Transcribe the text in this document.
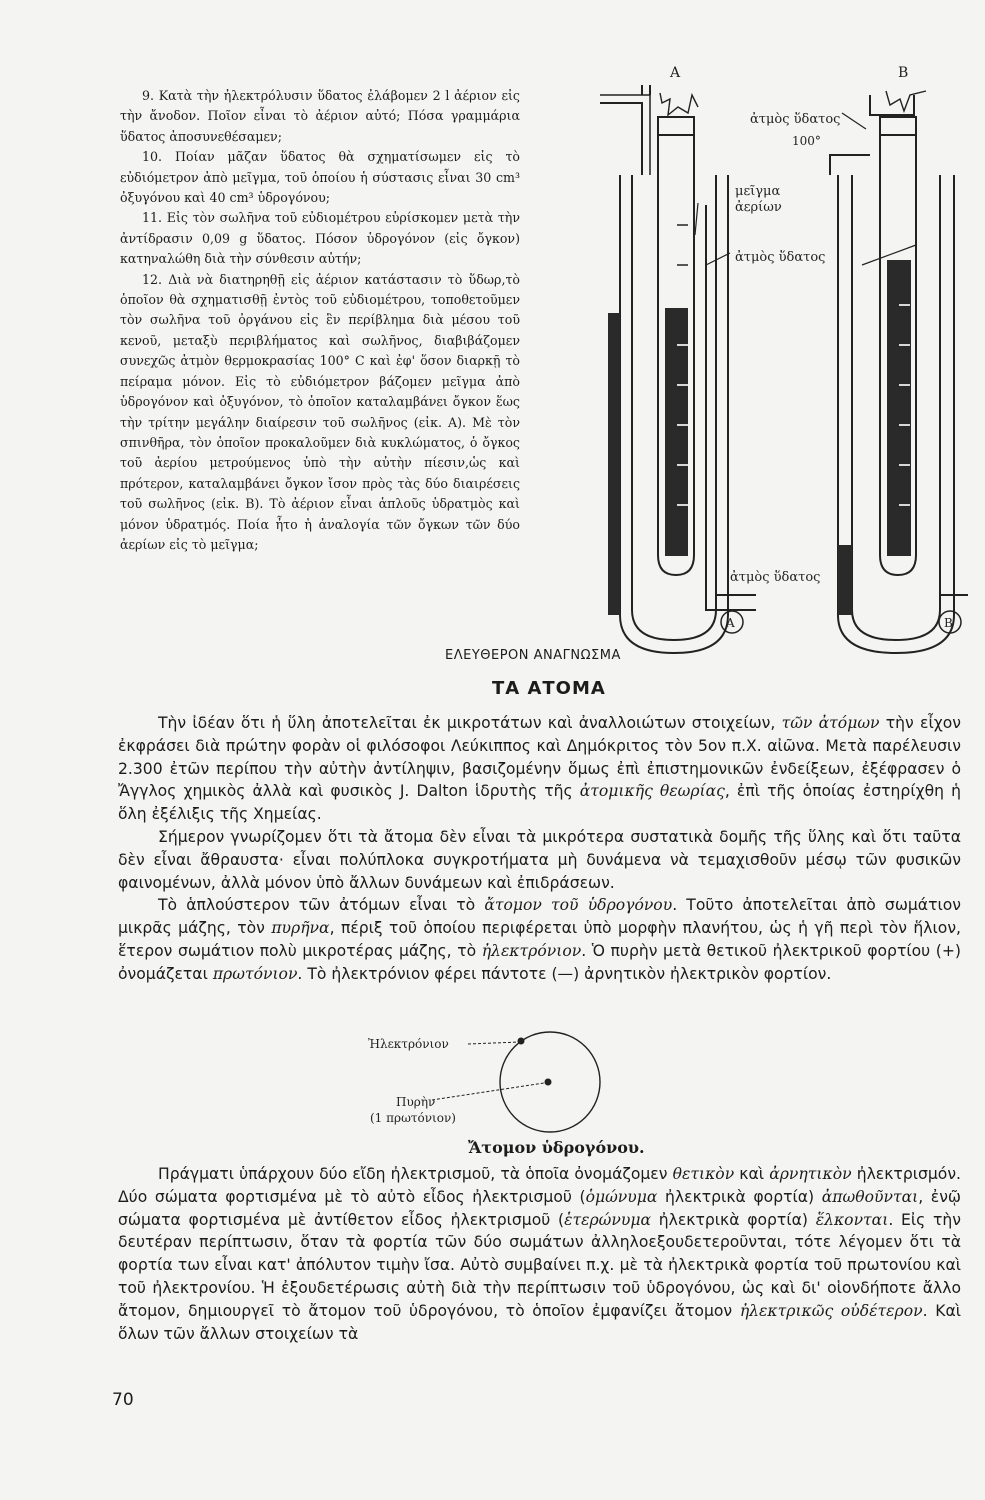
9. Κατὰ τὴν ἠλεκτρόλυσιν ὕδατος ἐλάβομεν 2 l ἀέριον εἰς τὴν ἄνοδον. Ποῖον εἶναι τὸ ἀέριον αὐτό; Πόσα γραμμάρια ὕδατος ἀποσυνεθέσαμεν;

10. Ποίαν μᾶζαν ὕδατος θὰ σχηματίσωμεν εἰς τὸ εὐδιόμετρον ἀπὸ μεῖγμα, τοῦ ὁποίου ἡ σύστασις εἶναι 30 cm³ ὀξυγόνου καὶ 40 cm³ ὑδρογόνου;

11. Εἰς τὸν σωλῆνα τοῦ εὐδιομέτρου εὑρίσκομεν μετὰ τὴν ἀντίδρασιν 0,09 g ὕδατος. Πόσον ὑδρογόνον (εἰς ὄγκον) κατηναλώθη διὰ τὴν σύνθεσιν αὐτήν;

12. Διὰ νὰ διατηρηθῇ εἰς ἀέριον κατάστασιν τὸ ὕδωρ,τὸ ὁποῖον θὰ σχηματισθῇ ἐντὸς τοῦ εὐδιομέτρου, τοποθετοῦμεν τὸν σωλῆνα τοῦ ὀργάνου εἰς ἓν περίβλημα διὰ μέσου τοῦ κενοῦ, μεταξὺ περιβλήματος καὶ σωλῆνος, διαβιβάζομεν συνεχῶς ἀτμὸν θερμοκρασίας 100° C καὶ ἐφ' ὅσον διαρκῇ τὸ πείραμα μόνον. Εἰς τὸ εὐδιόμετρον βάζομεν μεῖγμα ἀπὸ ὑδρογόνον καὶ ὀξυγόνον, τὸ ὁποῖον καταλαμβάνει ὄγκον ἕως τὴν τρίτην μεγάλην διαίρεσιν τοῦ σωλῆνος (εἰκ. Α). Μὲ τὸν σπινθῆρα, τὸν ὁποῖον προκαλοῦμεν διὰ κυκλώματος, ὁ ὄγκος τοῦ ἀερίου μετρούμενος ὑπὸ τὴν αὐτὴν πίεσιν,ὡς καὶ πρότερον, καταλαμβάνει ὄγκον ἴσον πρὸς τὰς δύο διαιρέσεις τοῦ σωλῆνος (εἰκ. Β). Τὸ ἀέριον εἶναι ἁπλοῦς ὑδρατμὸς καὶ μόνον ὑδρατμός. Ποία ἦτο ἡ ἀναλογία τῶν ὄγκων τῶν δύο ἀερίων εἰς τὸ μεῖγμα;

Α	Β
Α	Β
ἀτμὸς ὕδατος
100°
μεῖγμα
ἀερίων
ἀτμὸς ὕδατος
ἀτμὸς ὕδατος
ΕΛΕΥΘΕΡΟΝ ΑΝΑΓΝΩΣΜΑ
ΤΑ ΑΤΟΜΑ

Τὴν ἰδέαν ὅτι ἡ ὕλη ἀποτελεῖται ἐκ μικροτάτων καὶ ἀναλλοιώτων στοιχείων, τῶν ἀτόμων τὴν εἶχον ἐκφράσει διὰ πρώτην φορὰν οἱ φιλόσοφοι Λεύκιππος καὶ Δημόκριτος τὸν 5ον π.Χ. αἰῶνα. Μετὰ παρέλευσιν 2.300 ἐτῶν περίπου τὴν αὐτὴν ἀντίληψιν, βασιζομένην ὅμως ἐπὶ ἐπιστημονικῶν ἐνδείξεων, ἐξέφρασεν ὁ Ἄγγλος χημικὸς ἀλλὰ καὶ φυσικὸς J. Dalton ἱδρυτὴς τῆς ἀτομικῆς θεωρίας, ἐπὶ τῆς ὁποίας ἐστηρίχθη ἡ ὅλη ἐξέλιξις τῆς Χημείας.

Σήμερον γνωρίζομεν ὅτι τὰ ἄτομα δὲν εἶναι τὰ μικρότερα συστατικὰ δομῆς τῆς ὕλης καὶ ὅτι ταῦτα δὲν εἶναι ἄθραυστα· εἶναι πολύπλοκα συγκροτήματα μὴ δυνάμενα νὰ τεμαχισθοῦν μέσῳ τῶν φυσικῶν φαινομένων, ἀλλὰ μόνον ὑπὸ ἄλλων δυνάμεων καὶ ἐπιδράσεων.

Τὸ ἁπλούστερον τῶν ἀτόμων εἶναι τὸ ἄτομον τοῦ ὑδρογόνου. Τοῦτο ἀποτελεῖται ἀπὸ σωμάτιον μικρᾶς μάζης, τὸν πυρῆνα, πέριξ τοῦ ὁποίου περιφέρεται ὑπὸ μορφὴν πλανήτου, ὡς ἡ γῆ περὶ τὸν ἥλιον, ἕτερον σωμάτιον πολὺ μικροτέρας μάζης, τὸ ἠλεκτρόνιον. Ὁ πυρὴν μετὰ θετικοῦ ἠλεκτρικοῦ φορτίου (+) ὀνομάζεται πρωτόνιον. Τὸ ἠλεκτρόνιον φέρει πάντοτε (—) ἀρνητικὸν ἠλεκτρικὸν φορτίον.

Ἠλεκτρόνιον
Πυρὴν
(1 πρωτόνιον)
Ἄτομον ὑδρογόνου.

Πράγματι ὑπάρχουν δύο εἴδη ἠλεκτρισμοῦ, τὰ ὁποῖα ὀνομάζομεν θετικὸν καὶ ἀρνητικὸν ἠλεκτρισμόν. Δύο σώματα φορτισμένα μὲ τὸ αὐτὸ εἶδος ἠλεκτρισμοῦ (ὁμώνυμα ἠλεκτρικὰ φορτία) ἀπωθοῦνται, ἐνῷ σώματα φορτισμένα μὲ ἀντίθετον εἶδος ἠλεκτρισμοῦ (ἑτερώνυμα ἠλεκτρικὰ φορτία) ἕλκονται. Εἰς τὴν δευτέραν περίπτωσιν, ὅταν τὰ φορτία τῶν δύο σωμάτων ἀλληλοεξουδετεροῦνται, τότε λέγομεν ὅτι τὰ φορτία των εἶναι κατ' ἀπόλυτον τιμὴν ἴσα. Αὐτὸ συμβαίνει π.χ. μὲ τὰ ἠλεκτρικὰ φορτία τοῦ πρωτονίου καὶ τοῦ ἠλεκτρονίου. Ἡ ἐξουδετέρωσις αὐτὴ διὰ τὴν περίπτωσιν τοῦ ὑδρογόνου, ὡς καὶ δι' οἱονδήποτε ἄλλο ἄτομον, δημιουργεῖ τὸ ἄτομον τοῦ ὑδρογόνου, τὸ ὁποῖον ἐμφανίζει ἄτομον ἠλεκτρικῶς οὐδέτερον. Καὶ ὅλων τῶν ἄλλων στοιχείων τὰ

70
